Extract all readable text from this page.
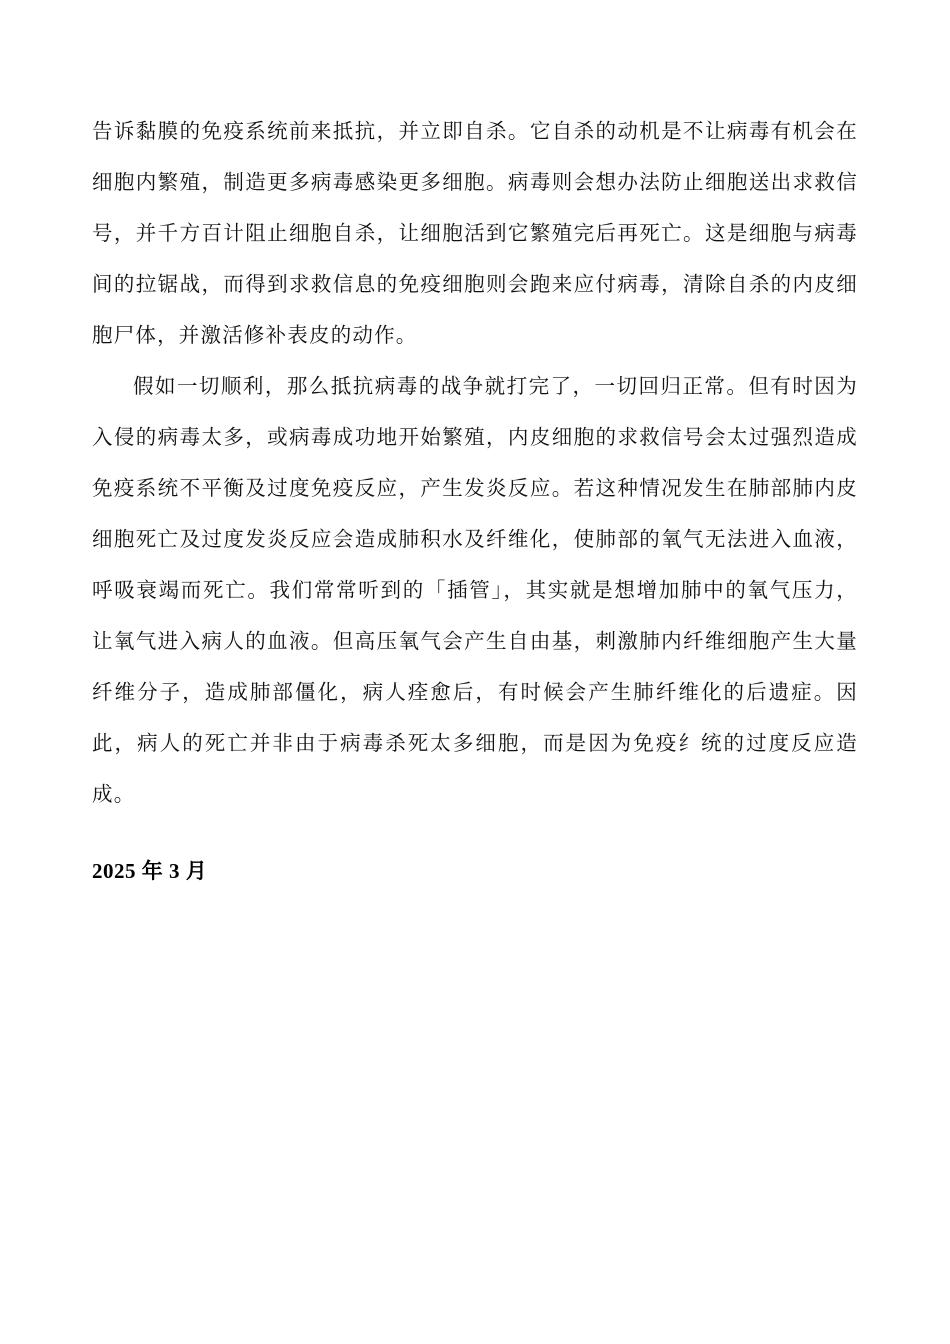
告诉黏膜的免疫系统前来抵抗，并立即自杀。它自杀的动机是不让病毒有机会在细胞内繁殖，制造更多病毒感染更多细胞。病毒则会想办法防止细胞送出求救信号，并千方百计阻止细胞自杀，让细胞活到它繁殖完后再死亡。这是细胞与病毒间的拉锯战，而得到求救信息的免疫细胞则会跑来应付病毒，清除自杀的内皮细胞尸体，并激活修补表皮的动作。

假如一切顺利，那么抵抗病毒的战争就打完了，一切回归正常。但有时因为入侵的病毒太多，或病毒成功地开始繁殖，内皮细胞的求救信号会太过强烈造成免疫系统不平衡及过度免疫反应，产生发炎反应。若这种情况发生在肺部肺内皮细胞死亡及过度发炎反应会造成肺积水及纤维化，使肺部的氧气无法进入血液，呼吸衰竭而死亡。我们常常听到的「插管」，其实就是想增加肺中的氧气压力，让氧气进入病人的血液。但高压氧气会产生自由基，刺激肺内纤维细胞产生大量纤维分子，造成肺部僵化，病人痊愈后，有时候会产生肺纤维化的后遗症。因此，病人的死亡并非由于病毒杀死太多细胞，而是因为免疫纟统的过度反应造成。

2025 年 3 月
